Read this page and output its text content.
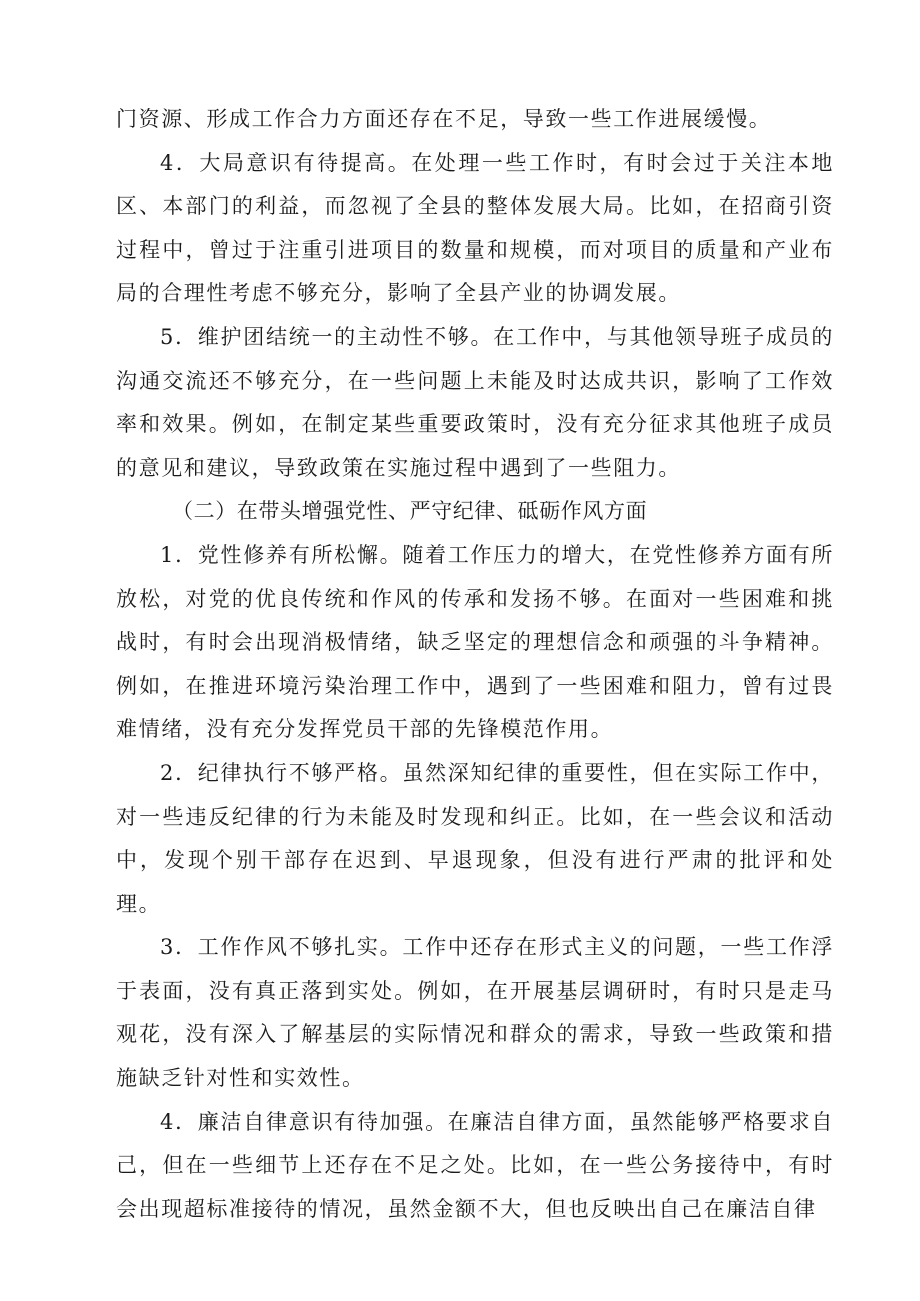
门资源、形成工作合力方面还存在不足，导致一些工作进展缓慢。

4．大局意识有待提高。在处理一些工作时，有时会过于关注本地区、本部门的利益，而忽视了全县的整体发展大局。比如，在招商引资过程中，曾过于注重引进项目的数量和规模，而对项目的质量和产业布局的合理性考虑不够充分，影响了全县产业的协调发展。

5．维护团结统一的主动性不够。在工作中，与其他领导班子成员的沟通交流还不够充分，在一些问题上未能及时达成共识，影响了工作效率和效果。例如，在制定某些重要政策时，没有充分征求其他班子成员的意见和建议，导致政策在实施过程中遇到了一些阻力。

（二）在带头增强党性、严守纪律、砥砺作风方面

1．党性修养有所松懈。随着工作压力的增大，在党性修养方面有所放松，对党的优良传统和作风的传承和发扬不够。在面对一些困难和挑战时，有时会出现消极情绪，缺乏坚定的理想信念和顽强的斗争精神。例如，在推进环境污染治理工作中，遇到了一些困难和阻力，曾有过畏难情绪，没有充分发挥党员干部的先锋模范作用。

2．纪律执行不够严格。虽然深知纪律的重要性，但在实际工作中，对一些违反纪律的行为未能及时发现和纠正。比如，在一些会议和活动中，发现个别干部存在迟到、早退现象，但没有进行严肃的批评和处理。

3．工作作风不够扎实。工作中还存在形式主义的问题，一些工作浮于表面，没有真正落到实处。例如，在开展基层调研时，有时只是走马观花，没有深入了解基层的实际情况和群众的需求，导致一些政策和措施缺乏针对性和实效性。

4．廉洁自律意识有待加强。在廉洁自律方面，虽然能够严格要求自己，但在一些细节上还存在不足之处。比如，在一些公务接待中，有时会出现超标准接待的情况，虽然金额不大，但也反映出自己在廉洁自律
